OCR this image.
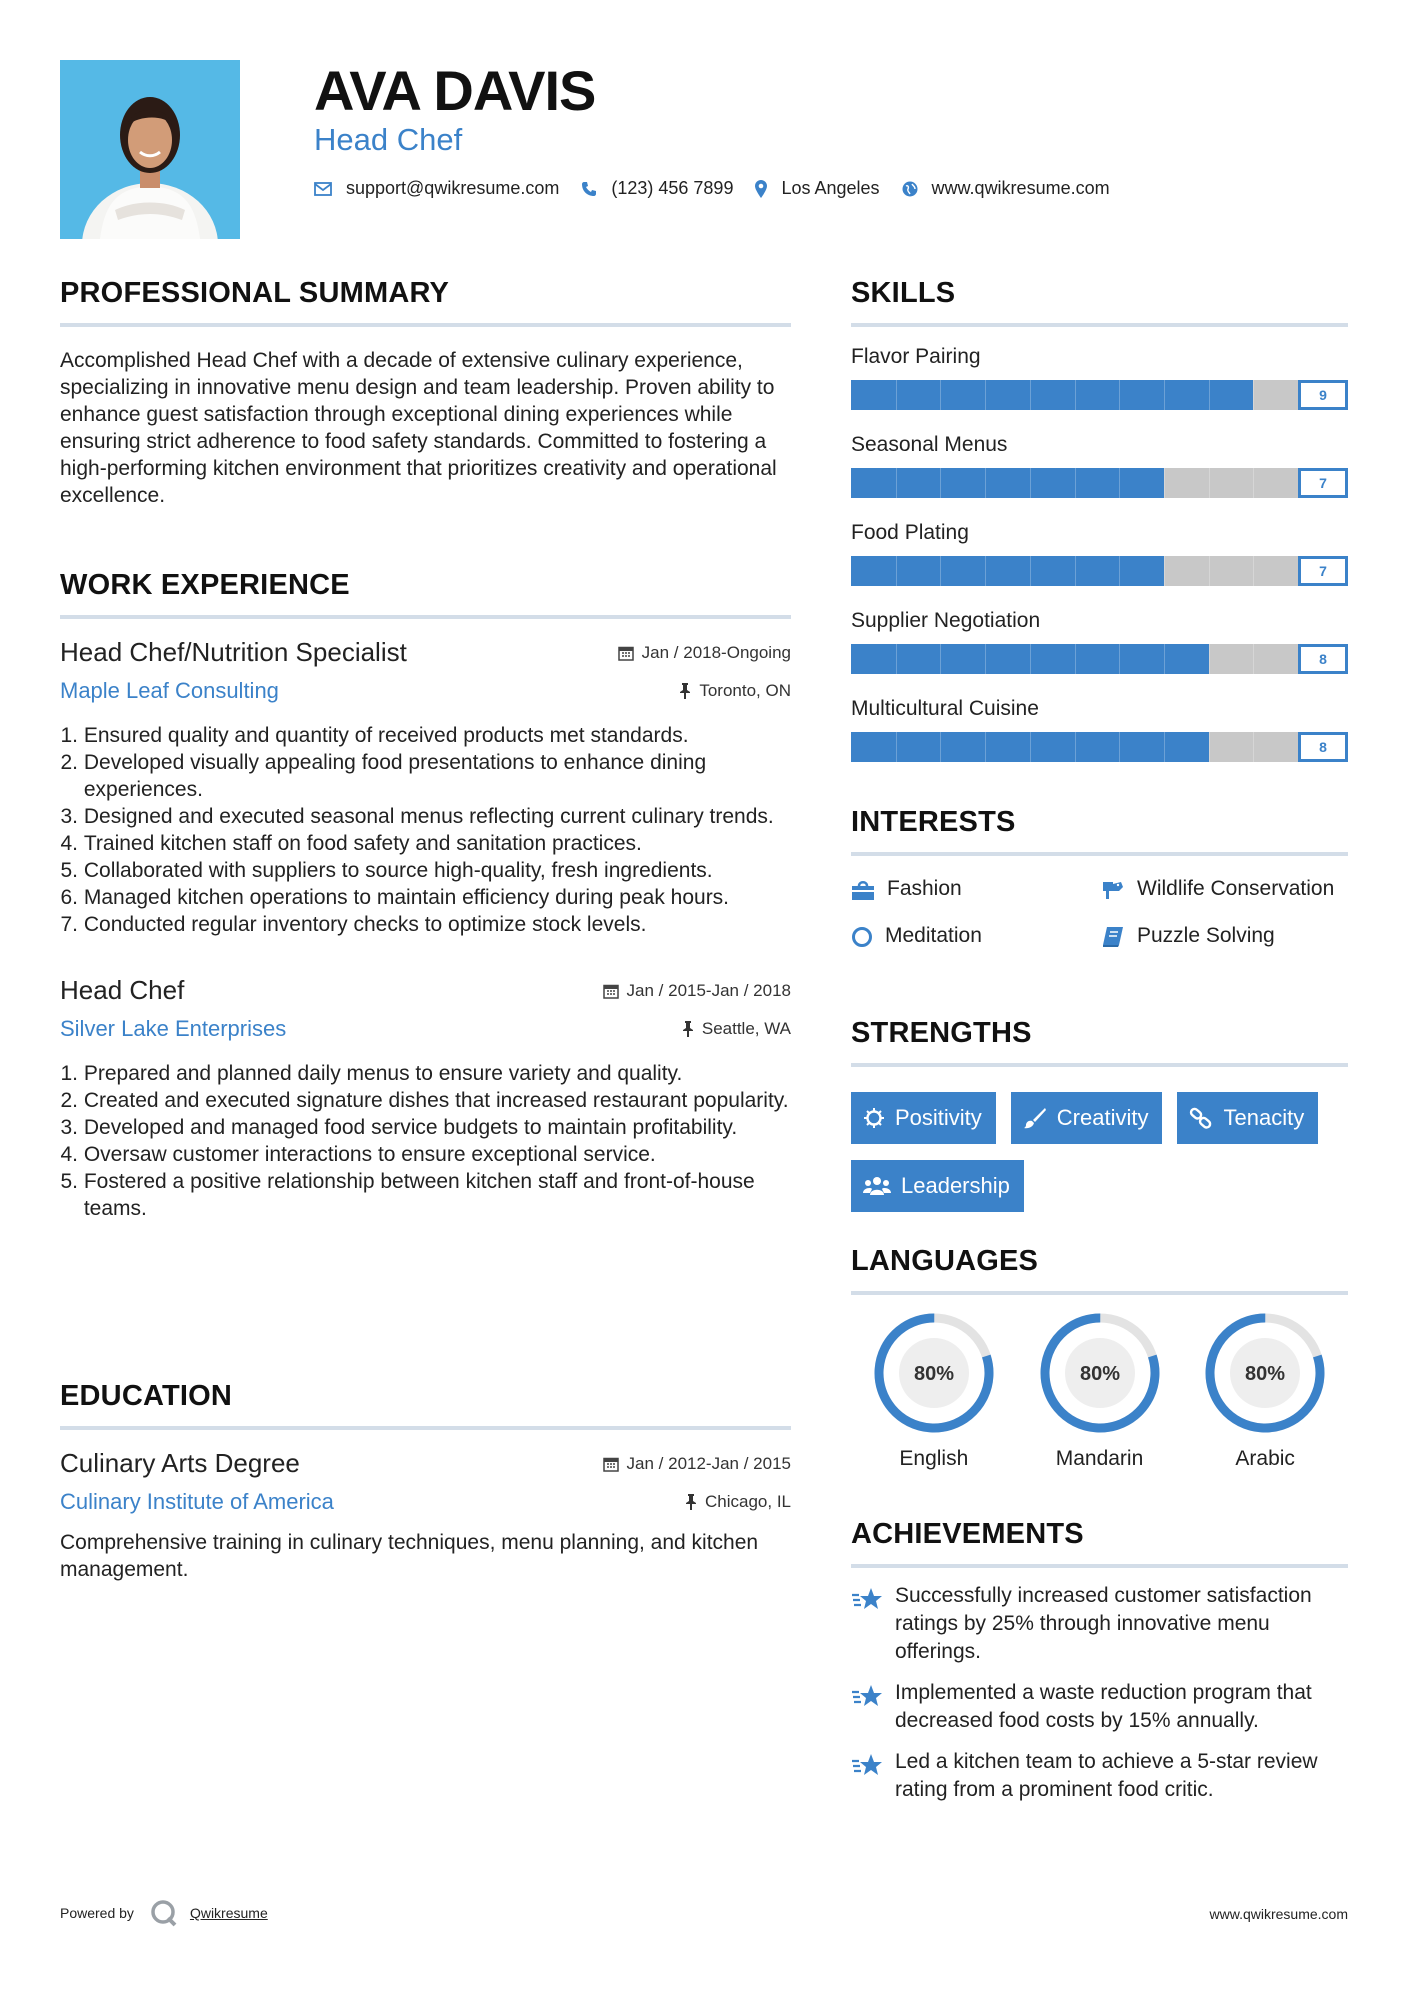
AVA DAVIS
Head Chef
support@qwikresume.com	(123) 456 7899	Los Angeles	www.qwikresume.com
PROFESSIONAL SUMMARY
Accomplished Head Chef with a decade of extensive culinary experience, specializing in innovative menu design and team leadership. Proven ability to enhance guest satisfaction through exceptional dining experiences while ensuring strict adherence to food safety standards. Committed to fostering a high-performing kitchen environment that prioritizes creativity and operational excellence.
WORK EXPERIENCE
Head Chef/Nutrition Specialist	Jan / 2018-Ongoing
Maple Leaf Consulting	Toronto, ON
1.
Ensured quality and quantity of received products met standards.
2.
Developed visually appealing food presentations to enhance dining experiences.
3.
Designed and executed seasonal menus reflecting current culinary trends.
4.
Trained kitchen staff on food safety and sanitation practices.
5.
Collaborated with suppliers to source high-quality, fresh ingredients.
6.
Managed kitchen operations to maintain efficiency during peak hours.
7.
Conducted regular inventory checks to optimize stock levels.
Head Chef	Jan / 2015-Jan / 2018
Silver Lake Enterprises	Seattle, WA
1.
Prepared and planned daily menus to ensure variety and quality.
2.
Created and executed signature dishes that increased restaurant popularity.
3.
Developed and managed food service budgets to maintain profitability.
4.
Oversaw customer interactions to ensure exceptional service.
5.
Fostered a positive relationship between kitchen staff and front-of-house teams.
EDUCATION
Culinary Arts Degree	Jan / 2012-Jan / 2015
Culinary Institute of America	Chicago, IL
Comprehensive training in culinary techniques, menu planning, and kitchen management.
SKILLS
Flavor Pairing
9
Seasonal Menus
7
Food Plating
7
Supplier Negotiation
8
Multicultural Cuisine
8
INTERESTS
Fashion	Wildlife Conservation
Meditation	Puzzle Solving
STRENGTHS
Positivity	Creativity	Tenacity
Leadership
LANGUAGES
80%
English
80%
Mandarin
80%
Arabic
ACHIEVEMENTS
Successfully increased customer satisfaction ratings by 25% through innovative menu offerings.
Implemented a waste reduction program that decreased food costs by 15% annually.
Led a kitchen team to achieve a 5-star review rating from a prominent food critic.
Powered by	Qwikresume	www.qwikresume.com
